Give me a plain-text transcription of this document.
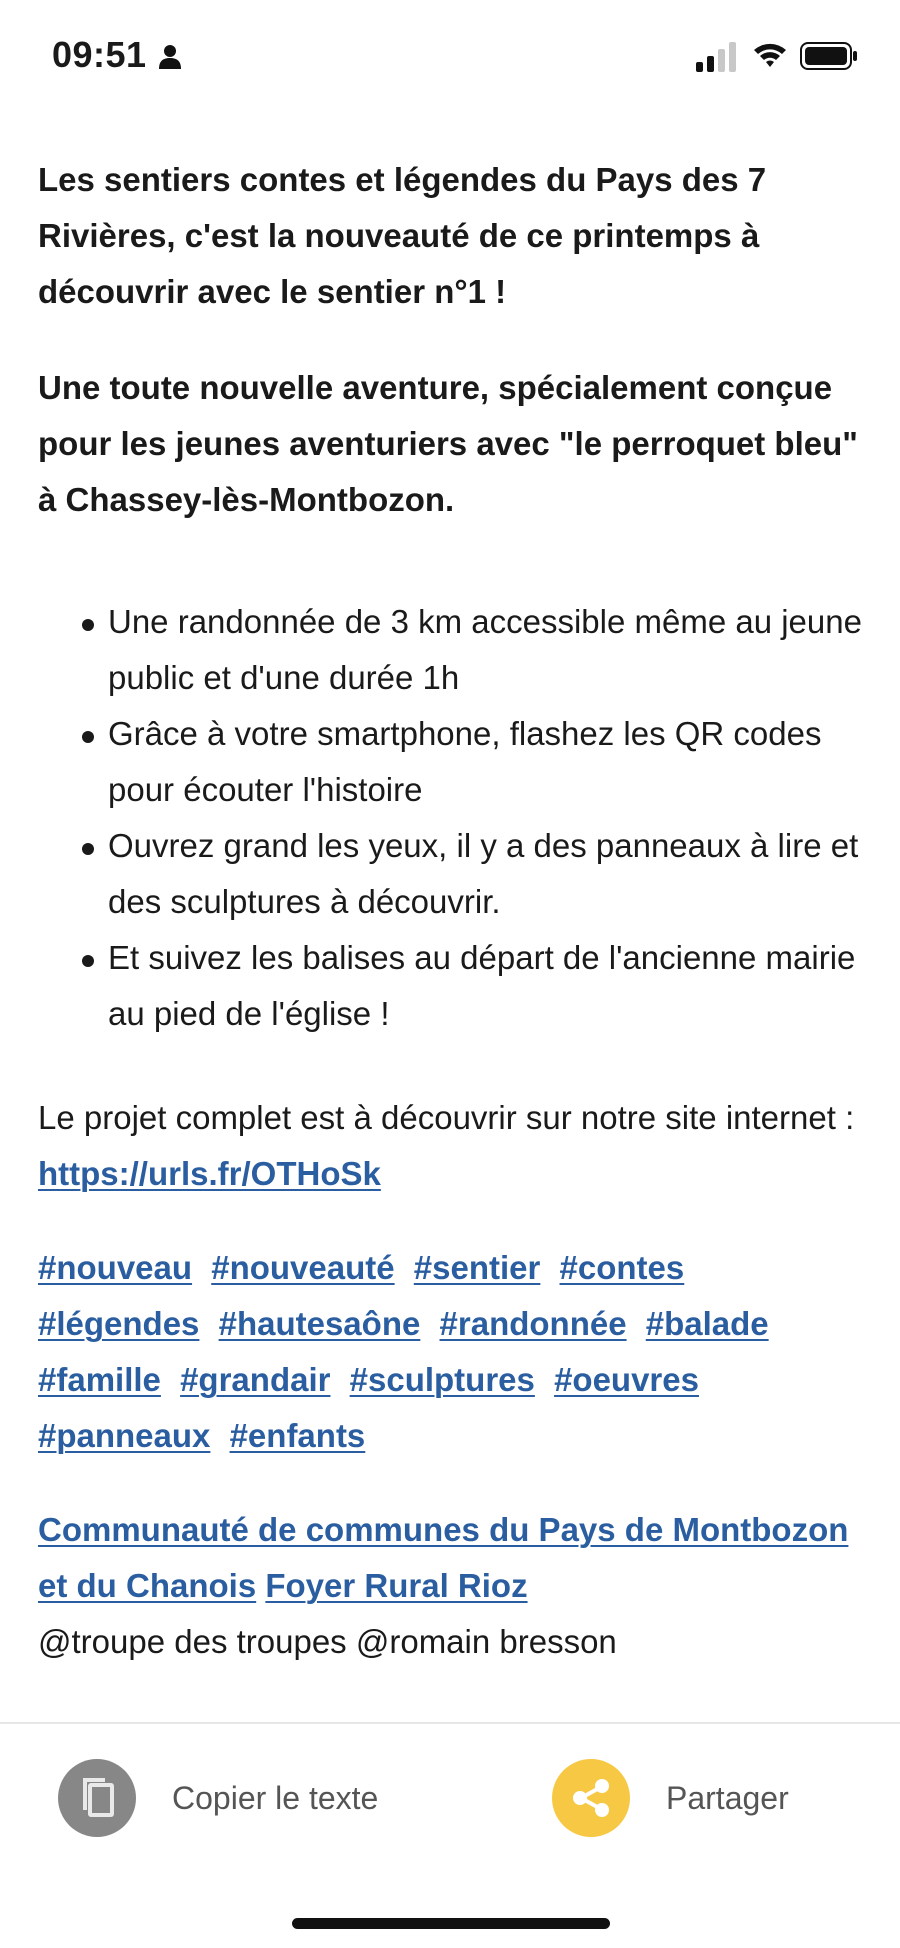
09:51

Les sentiers contes et légendes du Pays des 7 Rivières, c'est la nouveauté de ce printemps à découvrir avec le sentier n°1 !

Une toute nouvelle aventure, spécialement conçue pour les jeunes aventuriers avec "le perroquet bleu" à Chassey-lès-Montbozon.

Une randonnée de 3 km accessible même au jeune public et d'une durée 1h
Grâce à votre smartphone, flashez les QR codes pour écouter l'histoire
Ouvrez grand les yeux, il y a des panneaux à lire et des sculptures à découvrir.
Et suivez les balises au départ de l'ancienne mairie au pied de l'église !

Le projet complet est à découvrir sur notre site internet : https://urls.fr/OTHoSk

#nouveau #nouveauté #sentier #contes
#légendes #hautesaône #randonnée #balade
#famille #grandair #sculptures #oeuvres
#panneaux #enfants

Communauté de communes du Pays de Montbozon et du Chanois Foyer Rural Rioz
@troupe des troupes @romain bresson

Copier le texte	Partager
